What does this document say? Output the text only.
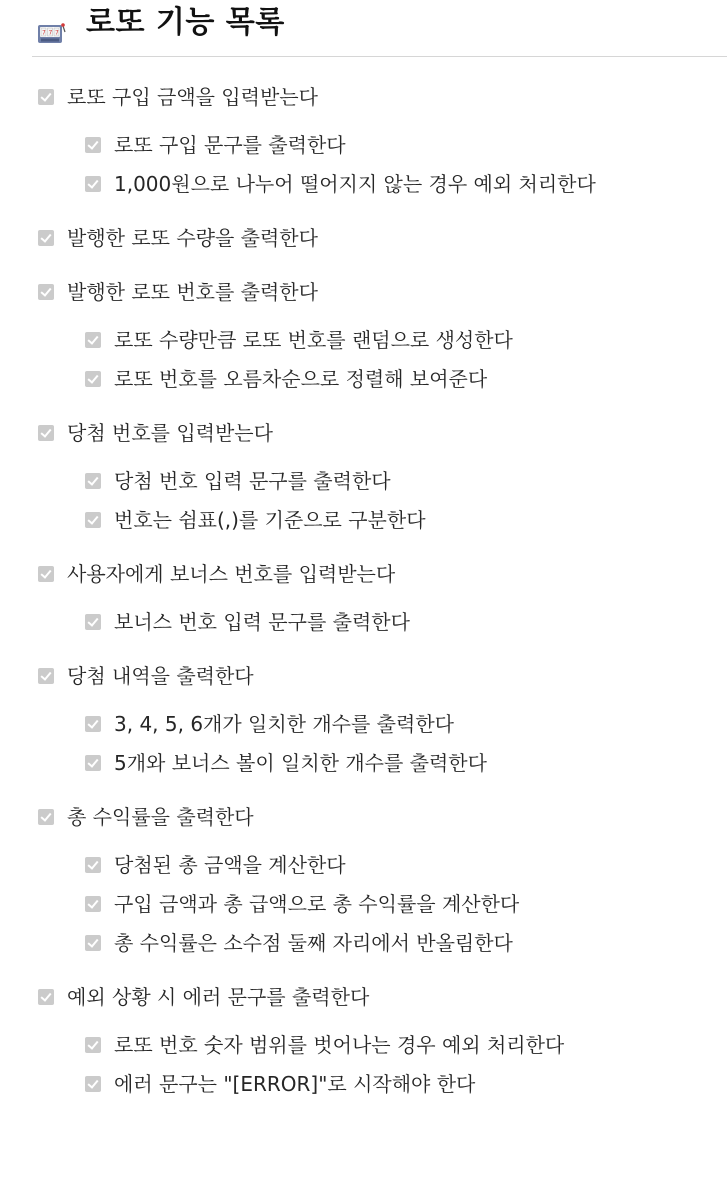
7 7 7 로또 기능 목록
로또 구입 금액을 입력받는다
로또 구입 문구를 출력한다
1,000원으로 나누어 떨어지지 않는 경우 예외 처리한다
발행한 로또 수량을 출력한다
발행한 로또 번호를 출력한다
로또 수량만큼 로또 번호를 랜덤으로 생성한다
로또 번호를 오름차순으로 정렬해 보여준다
당첨 번호를 입력받는다
당첨 번호 입력 문구를 출력한다
번호는 쉼표(,)를 기준으로 구분한다
사용자에게 보너스 번호를 입력받는다
보너스 번호 입력 문구를 출력한다
당첨 내역을 출력한다
3, 4, 5, 6개가 일치한 개수를 출력한다
5개와 보너스 볼이 일치한 개수를 출력한다
총 수익률을 출력한다
당첨된 총 금액을 계산한다
구입 금액과 총 급액으로 총 수익률을 계산한다
총 수익률은 소수점 둘째 자리에서 반올림한다
예외 상황 시 에러 문구를 출력한다
로또 번호 숫자 범위를 벗어나는 경우 예외 처리한다
에러 문구는 "[ERROR]"로 시작해야 한다
